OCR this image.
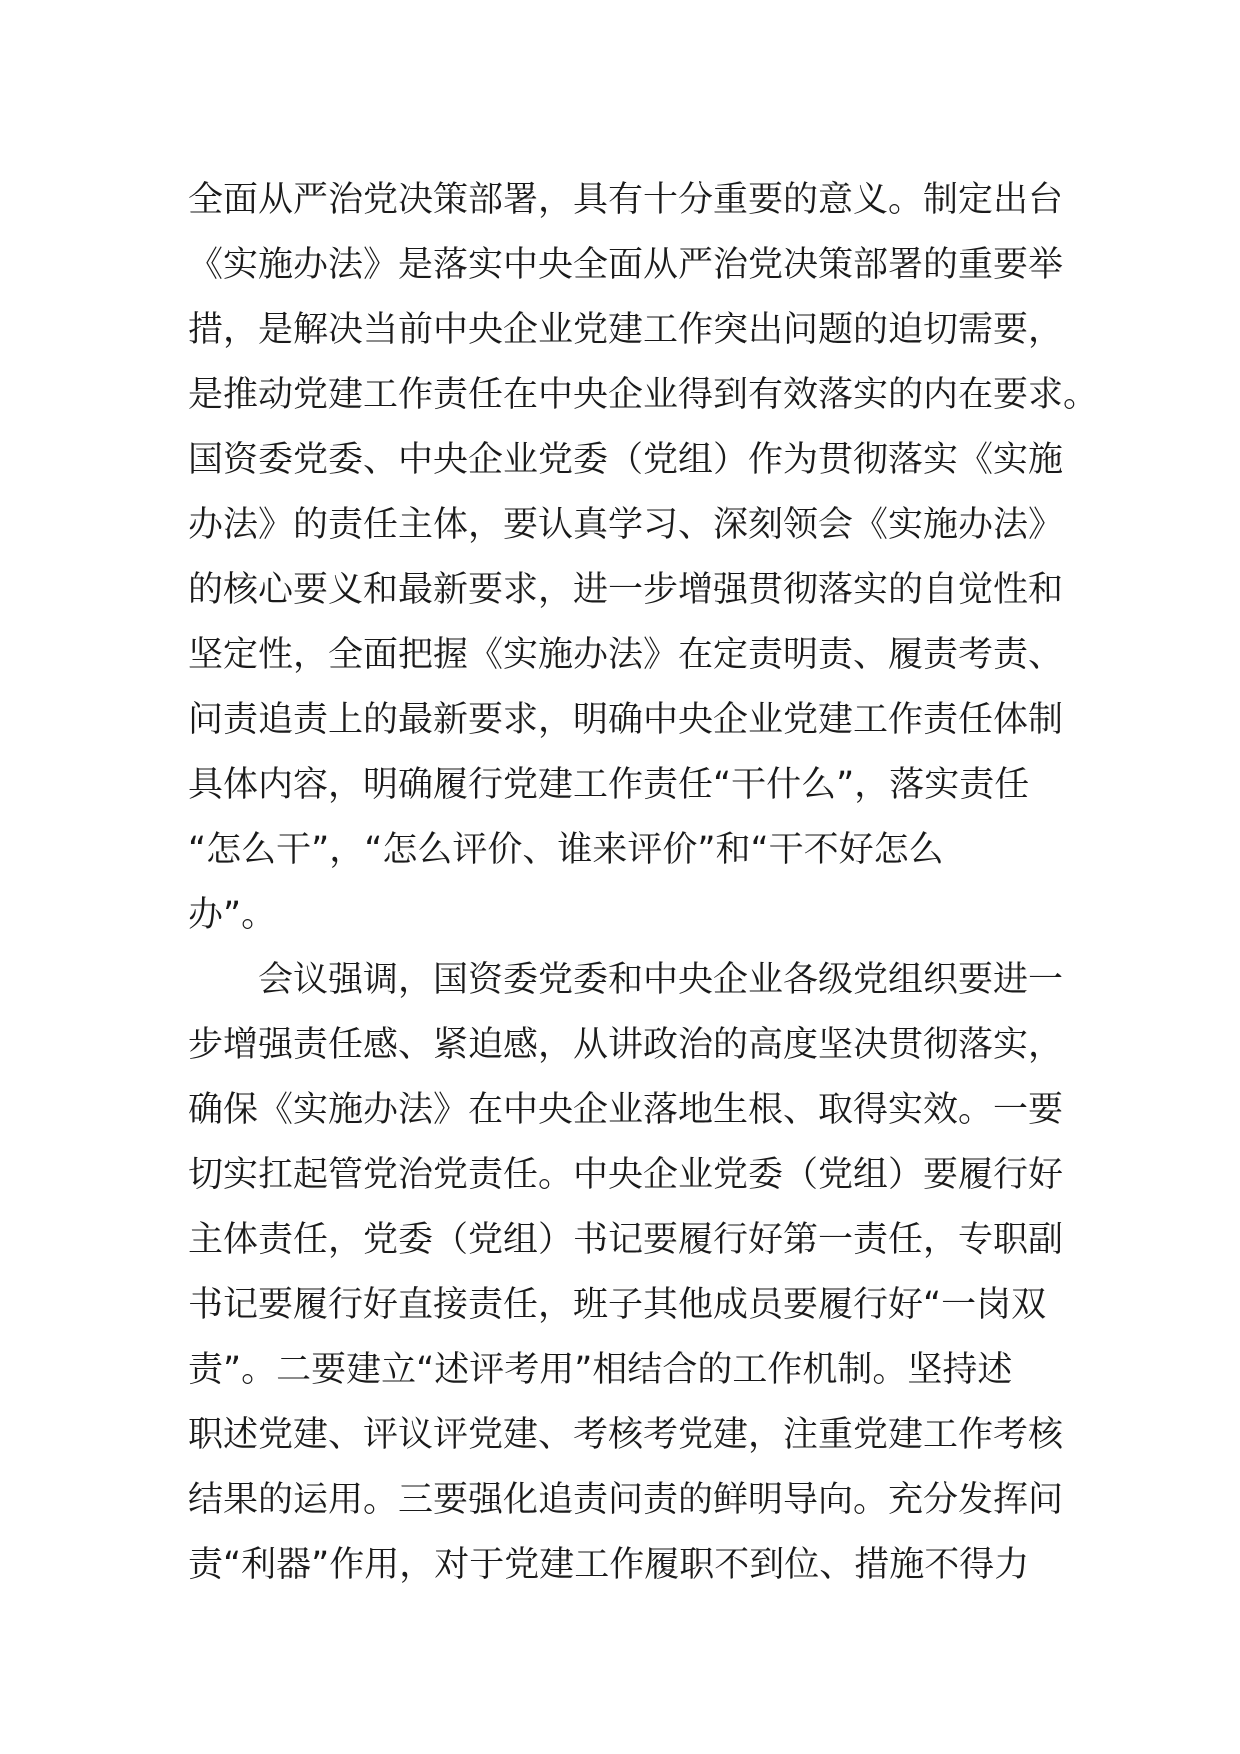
全面从严治党决策部署，具有十分重要的意义。制定出台
《实施办法》是落实中央全面从严治党决策部署的重要举
措，是解决当前中央企业党建工作突出问题的迫切需要，
是推动党建工作责任在中央企业得到有效落实的内在要求。
国资委党委、中央企业党委（党组）作为贯彻落实《实施
办法》的责任主体，要认真学习、深刻领会《实施办法》
的核心要义和最新要求，进一步增强贯彻落实的自觉性和
坚定性，全面把握《实施办法》在定责明责、履责考责、
问责追责上的最新要求，明确中央企业党建工作责任体制
具体内容，明确履行党建工作责任“干什么”，落实责任
“怎么干”，“怎么评价、谁来评价”和“干不好怎么
办”。
　　会议强调，国资委党委和中央企业各级党组织要进一
步增强责任感、紧迫感，从讲政治的高度坚决贯彻落实，
确保《实施办法》在中央企业落地生根、取得实效。一要
切实扛起管党治党责任。中央企业党委（党组）要履行好
主体责任，党委（党组）书记要履行好第一责任，专职副
书记要履行好直接责任，班子其他成员要履行好“一岗双
责”。二要建立“述评考用”相结合的工作机制。坚持述
职述党建、评议评党建、考核考党建，注重党建工作考核
结果的运用。三要强化追责问责的鲜明导向。充分发挥问
责“利器”作用，对于党建工作履职不到位、措施不得力
